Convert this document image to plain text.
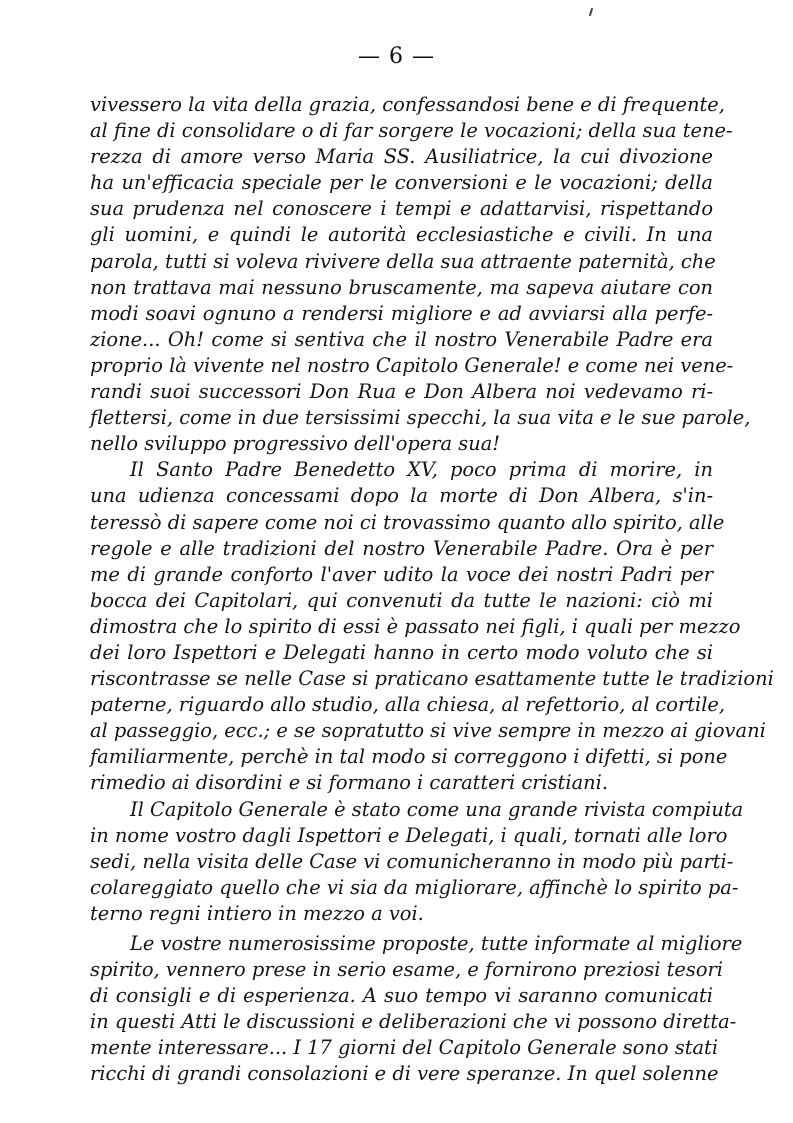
— 6 —
vivessero la vita della grazia, confessandosi bene e di frequente,
al fine di consolidare o di far sorgere le vocazioni; della sua tene-
rezza di amore verso Maria SS. Ausiliatrice, la cui divozione
ha un'efficacia speciale per le conversioni e le vocazioni; della
sua prudenza nel conoscere i tempi e adattarvisi, rispettando
gli uomini, e quindi le autorità ecclesiastiche e civili. In una
parola, tutti si voleva rivivere della sua attraente paternità, che
non trattava mai nessuno bruscamente, ma sapeva aiutare con
modi soavi ognuno a rendersi migliore e ad avviarsi alla perfe-
zione... Oh! come si sentiva che il nostro Venerabile Padre era
proprio là vivente nel nostro Capitolo Generale! e come nei vene-
randi suoi successori Don Rua e Don Albera noi vedevamo ri-
flettersi, come in due tersissimi specchi, la sua vita e le sue parole,
nello sviluppo progressivo dell'opera sua!
Il Santo Padre Benedetto XV, poco prima di morire, in
una udienza concessami dopo la morte di Don Albera, s'in-
teressò di sapere come noi ci trovassimo quanto allo spirito, alle
regole e alle tradizioni del nostro Venerabile Padre. Ora è per
me di grande conforto l'aver udito la voce dei nostri Padri per
bocca dei Capitolari, qui convenuti da tutte le nazioni: ciò mi
dimostra che lo spirito di essi è passato nei figli, i quali per mezzo
dei loro Ispettori e Delegati hanno in certo modo voluto che si
riscontrasse se nelle Case si praticano esattamente tutte le tradizioni
paterne, riguardo allo studio, alla chiesa, al refettorio, al cortile,
al passeggio, ecc.; e se sopratutto si vive sempre in mezzo ai giovani
familiarmente, perchè in tal modo si correggono i difetti, si pone
rimedio ai disordini e si formano i caratteri cristiani.
Il Capitolo Generale è stato come una grande rivista compiuta
in nome vostro dagli Ispettori e Delegati, i quali, tornati alle loro
sedi, nella visita delle Case vi comunicheranno in modo più parti-
colareggiato quello che vi sia da migliorare, affinchè lo spirito pa-
terno regni intiero in mezzo a voi.
Le vostre numerosissime proposte, tutte informate al migliore
spirito, vennero prese in serio esame, e fornirono preziosi tesori
di consigli e di esperienza. A suo tempo vi saranno comunicati
in questi Atti le discussioni e deliberazioni che vi possono diretta-
mente interessare... I 17 giorni del Capitolo Generale sono stati
ricchi di grandi consolazioni e di vere speranze. In quel solenne
